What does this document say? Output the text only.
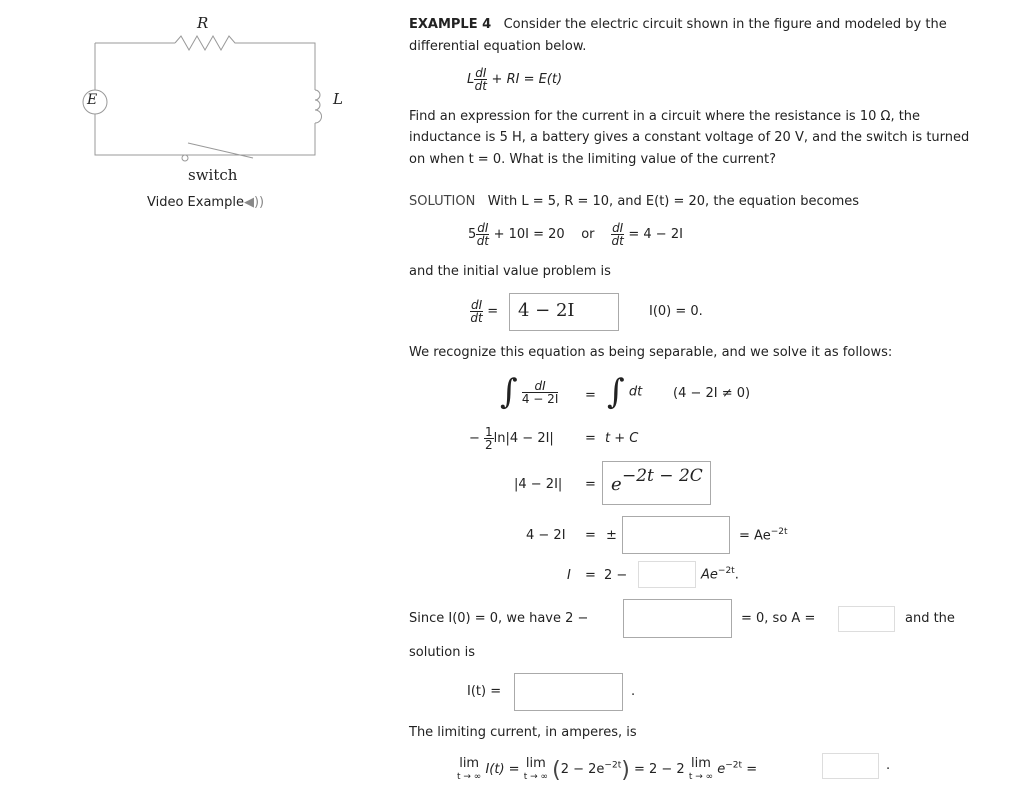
R
E	L
switch
Video Example◀))
EXAMPLE 4 Consider the electric circuit shown in the figure and modeled by the
differential equation below.
L $\frac{dI}{dt}$ + RI = E(t)
Find an expression for the current in a circuit where the resistance is 10 Ω, the
inductance is 5 H, a battery gives a constant voltage of 20 V, and the switch is turned
on when t = 0. What is the limiting value of the current?
SOLUTION With L = 5, R = 10, and E(t) = 20, the equation becomes
$5 \frac{dI}{dt} + 10I = 20$ or $\frac{dI}{dt} = 4 - 2I$
and the initial value problem is
$\frac{dI}{dt} = 4 - 2I$	I(0) = 0.
We recognize this equation as being separable, and we solve it as follows:
∫ $\frac{dI}{4 - 2I}$ = ∫ dt (4 − 2I ≠ 0)
− $\frac{1}{2} \ln|4 - 2I| = t + C$
|4 − 2I| = e −2t − 2C
4 − 2I = ±	= $Ae^{-2t}$
I = 2 −	$Ae^{-2t}$.
Since I(0) = 0, we have 2 −	= 0, so A =	and the
solution is
I(t) =	.
The limiting current, in amperes, is
lim
t → ∞ I(t) = lim
t → ∞ $(2 - 2e^{-2t}) = 2 - 2$ lim
t → ∞ $e^{-2t}$ =	.
